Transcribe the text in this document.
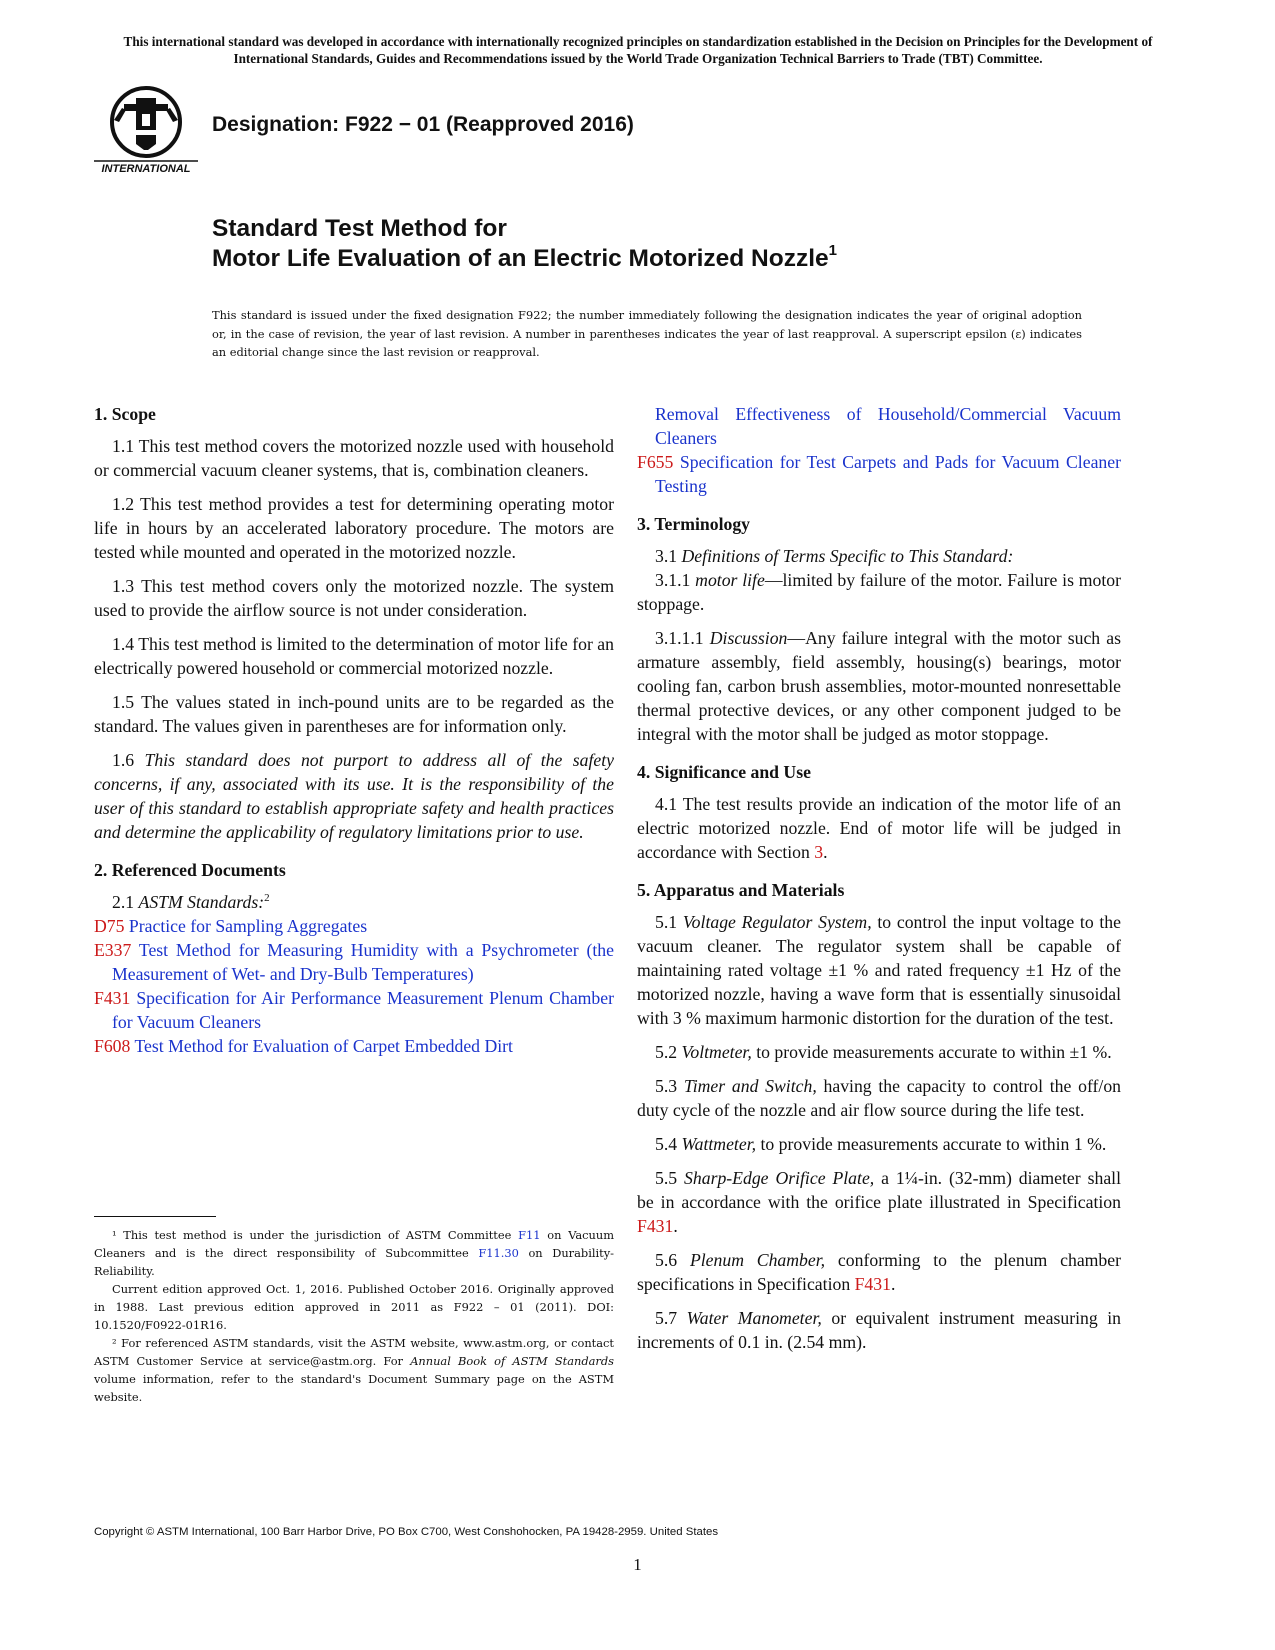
This international standard was developed in accordance with internationally recognized principles on standardization established in the Decision on Principles for the Development of International Standards, Guides and Recommendations issued by the World Trade Organization Technical Barriers to Trade (TBT) Committee.
INTERNATIONAL
Designation: F922 − 01 (Reapproved 2016)
Standard Test Method for
Motor Life Evaluation of an Electric Motorized Nozzle$^1$
This standard is issued under the fixed designation F922; the number immediately following the designation indicates the year of original adoption or, in the case of revision, the year of last revision. A number in parentheses indicates the year of last reapproval. A superscript epsilon (ε) indicates an editorial change since the last revision or reapproval.
1. Scope

1.1 This test method covers the motorized nozzle used with household or commercial vacuum cleaner systems, that is, combination cleaners.

1.2 This test method provides a test for determining operating motor life in hours by an accelerated laboratory procedure. The motors are tested while mounted and operated in the motorized nozzle.

1.3 This test method covers only the motorized nozzle. The system used to provide the airflow source is not under consideration.

1.4 This test method is limited to the determination of motor life for an electrically powered household or commercial motorized nozzle.

1.5 The values stated in inch-pound units are to be regarded as the standard. The values given in parentheses are for information only.

1.6 This standard does not purport to address all of the safety concerns, if any, associated with its use. It is the responsibility of the user of this standard to establish appropriate safety and health practices and determine the applicability of regulatory limitations prior to use.

2. Referenced Documents

2.1 ASTM Standards:$^2$

D75 Practice for Sampling Aggregates
E337 Test Method for Measuring Humidity with a Psychrometer (the Measurement of Wet- and Dry-Bulb Temperatures)
F431 Specification for Air Performance Measurement Plenum Chamber for Vacuum Cleaners
F608 Test Method for Evaluation of Carpet Embedded Dirt
Removal Effectiveness of Household/Commercial Vacuum Cleaners
F655 Specification for Test Carpets and Pads for Vacuum Cleaner Testing
3. Terminology

3.1 Definitions of Terms Specific to This Standard:

3.1.1 motor life—limited by failure of the motor. Failure is motor stoppage.

3.1.1.1 Discussion—Any failure integral with the motor such as armature assembly, field assembly, housing(s) bearings, motor cooling fan, carbon brush assemblies, motor-mounted nonresettable thermal protective devices, or any other component judged to be integral with the motor shall be judged as motor stoppage.

4. Significance and Use

4.1 The test results provide an indication of the motor life of an electric motorized nozzle. End of motor life will be judged in accordance with Section 3.

5. Apparatus and Materials

5.1 Voltage Regulator System, to control the input voltage to the vacuum cleaner. The regulator system shall be capable of maintaining rated voltage ±1 % and rated frequency ±1 Hz of the motorized nozzle, having a wave form that is essentially sinusoidal with 3 % maximum harmonic distortion for the duration of the test.

5.2 Voltmeter, to provide measurements accurate to within ±1 %.

5.3 Timer and Switch, having the capacity to control the off/on duty cycle of the nozzle and air flow source during the life test.

5.4 Wattmeter, to provide measurements accurate to within 1 %.

5.5 Sharp-Edge Orifice Plate, a 1¼-in. (32-mm) diameter shall be in accordance with the orifice plate illustrated in Specification F431.

5.6 Plenum Chamber, conforming to the plenum chamber specifications in Specification F431.

5.7 Water Manometer, or equivalent instrument measuring in increments of 0.1 in. (2.54 mm).

¹ This test method is under the jurisdiction of ASTM Committee F11 on Vacuum Cleaners and is the direct responsibility of Subcommittee F11.30 on Durability-Reliability.

Current edition approved Oct. 1, 2016. Published October 2016. Originally approved in 1988. Last previous edition approved in 2011 as F922 – 01 (2011). DOI: 10.1520/F0922-01R16.

² For referenced ASTM standards, visit the ASTM website, www.astm.org, or contact ASTM Customer Service at service@astm.org. For Annual Book of ASTM Standards volume information, refer to the standard's Document Summary page on the ASTM website.

Copyright © ASTM International, 100 Barr Harbor Drive, PO Box C700, West Conshohocken, PA 19428-2959. United States
1
